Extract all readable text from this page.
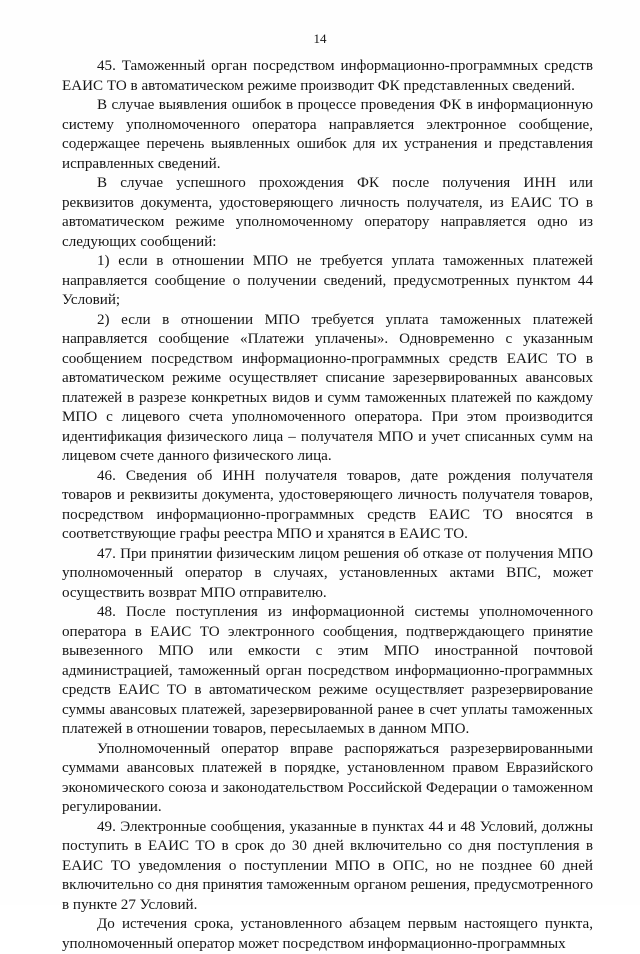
14

45. Таможенный орган посредством информационно-программных средств ЕАИС ТО в автоматическом режиме производит ФК представленных сведений.

В случае выявления ошибок в процессе проведения ФК в информационную систему уполномоченного оператора направляется электронное сообщение, содержащее перечень выявленных ошибок для их устранения и представления исправленных сведений.

В случае успешного прохождения ФК после получения ИНН или реквизитов документа, удостоверяющего личность получателя, из ЕАИС ТО в автоматическом режиме уполномоченному оператору направляется одно из следующих сообщений:

1) если в отношении МПО не требуется уплата таможенных платежей направляется сообщение о получении сведений, предусмотренных пунктом 44 Условий;

2) если в отношении МПО требуется уплата таможенных платежей направляется сообщение «Платежи уплачены». Одновременно с указанным сообщением посредством информационно-программных средств ЕАИС ТО в автоматическом режиме осуществляет списание зарезервированных авансовых платежей в разрезе конкретных видов и сумм таможенных платежей по каждому МПО с лицевого счета уполномоченного оператора. При этом производится идентификация физического лица – получателя МПО и учет списанных сумм на лицевом счете данного физического лица.

46. Сведения об ИНН получателя товаров, дате рождения получателя товаров и реквизиты документа, удостоверяющего личность получателя товаров, посредством информационно-программных средств ЕАИС ТО вносятся в соответствующие графы реестра МПО и хранятся в ЕАИС ТО.

47. При принятии физическим лицом решения об отказе от получения МПО уполномоченный оператор в случаях, установленных актами ВПС, может осуществить возврат МПО отправителю.

48. После поступления из информационной системы уполномоченного оператора в ЕАИС ТО электронного сообщения, подтверждающего принятие вывезенного МПО или емкости с этим МПО иностранной почтовой администрацией, таможенный орган посредством информационно-программных средств ЕАИС ТО в автоматическом режиме осуществляет разрезервирование суммы авансовых платежей, зарезервированной ранее в счет уплаты таможенных платежей в отношении товаров, пересылаемых в данном МПО.

Уполномоченный оператор вправе распоряжаться разрезервированными суммами авансовых платежей в порядке, установленном правом Евразийского экономического союза и законодательством Российской Федерации о таможенном регулировании.

49. Электронные сообщения, указанные в пунктах 44 и 48 Условий, должны поступить в ЕАИС ТО в срок до 30 дней включительно со дня поступления в ЕАИС ТО уведомления о поступлении МПО в ОПС, но не позднее 60 дней включительно со дня принятия таможенным органом решения, предусмотренного в пункте 27 Условий.

До истечения срока, установленного абзацем первым настоящего пункта, уполномоченный оператор может посредством информационно-программных
